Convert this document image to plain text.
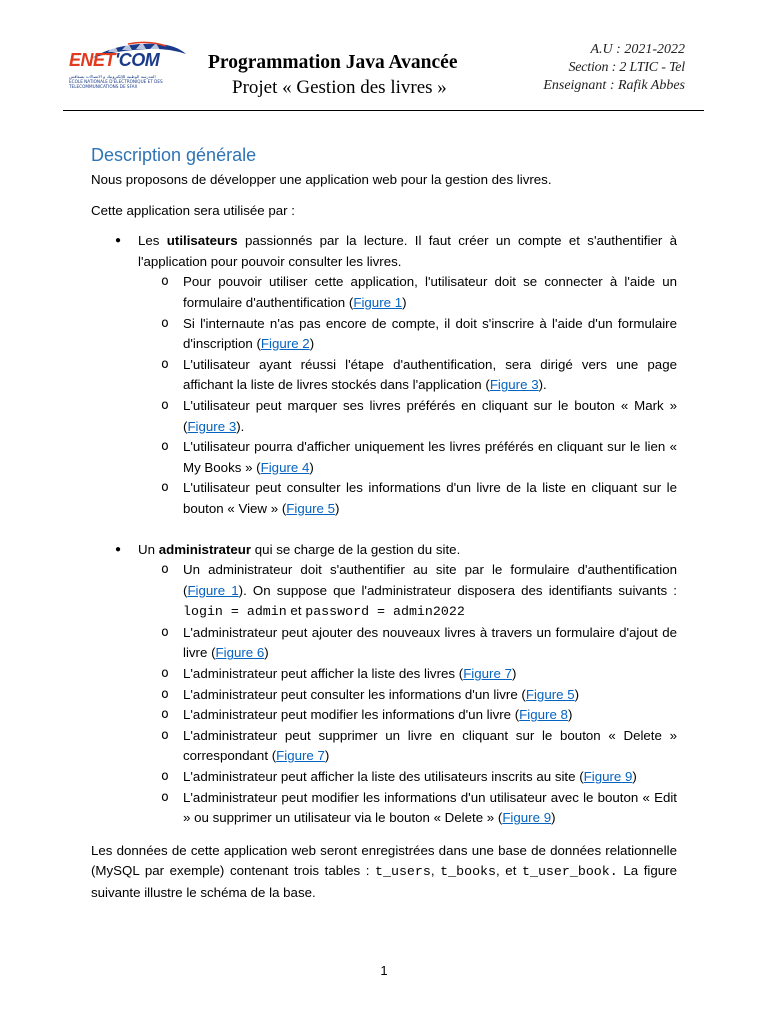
ENET'COM
المدرسة الوطنية للإلكترونيك و الاتصالات بصفاقس
ECOLE NATIONALE D'ELECTRONIQUE ET DES
TELECOMMUNICATIONS DE SFAX
Programmation Java Avancée
Projet « Gestion des livres »
A.U : 2021-2022
Section : 2 LTIC - Tel
Enseignant : Rafik Abbes
Description générale

Nous proposons de développer une application web pour la gestion des livres.

Cette application sera utilisée par :

● Les utilisateurs passionnés par la lecture. Il faut créer un compte et s'authentifier à l'application pour pouvoir consulter les livres.

o Pour pouvoir utiliser cette application, l'utilisateur doit se connecter à l'aide un formulaire d'authentification (Figure 1)
o Si l'internaute n'as pas encore de compte, il doit s'inscrire à l'aide d'un formulaire d'inscription (Figure 2)
o L'utilisateur ayant réussi l'étape d'authentification, sera dirigé vers une page affichant la liste de livres stockés dans l'application (Figure 3).
o L'utilisateur peut marquer ses livres préférés en cliquant sur le bouton « Mark » (Figure 3).
o L'utilisateur pourra d'afficher uniquement les livres préférés en cliquant sur le lien « My Books » (Figure 4)
o L'utilisateur peut consulter les informations d'un livre de la liste en cliquant sur le bouton « View » (Figure 5)
● Un administrateur qui se charge de la gestion du site.

o Un administrateur doit s'authentifier au site par le formulaire d'authentification (Figure 1). On suppose que l'administrateur disposera des identifiants suivants : login = admin et password = admin2022
o L'administrateur peut ajouter des nouveaux livres à travers un formulaire d'ajout de livre (Figure 6)
o L'administrateur peut afficher la liste des livres (Figure 7)
o L'administrateur peut consulter les informations d'un livre (Figure 5)
o L'administrateur peut modifier les informations d'un livre (Figure 8)
o L'administrateur peut supprimer un livre en cliquant sur le bouton « Delete » correspondant (Figure 7)
o L'administrateur peut afficher la liste des utilisateurs inscrits au site (Figure 9)
o L'administrateur peut modifier les informations d'un utilisateur avec le bouton « Edit » ou supprimer un utilisateur via le bouton « Delete » (Figure 9)

Les données de cette application web seront enregistrées dans une base de données relationnelle (MySQL par exemple) contenant trois tables : t_users, t_books, et t_user_book. La figure suivante illustre le schéma de la base.

1
